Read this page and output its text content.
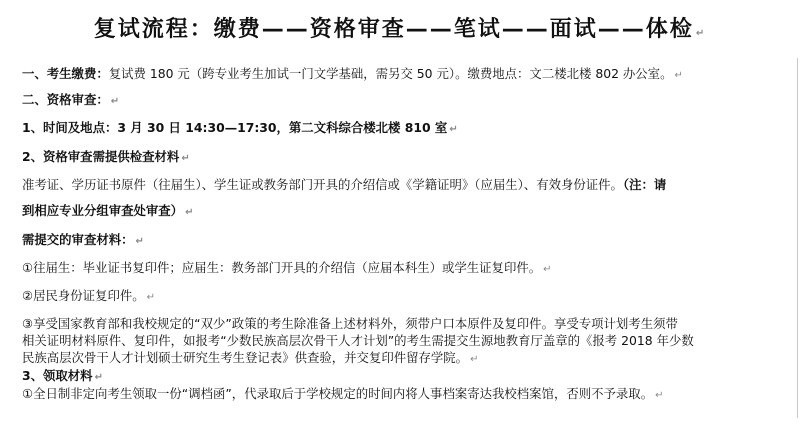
复试流程：缴费——资格审查——笔试——面试——体检 ↵
一、考生缴费：复试费 180 元（跨专业考生加试一门文学基础，需另交 50 元）。缴费地点：文二楼北楼 802 办公室。 ↵
二、资格审查： ↵
1、时间及地点：3 月 30 日 14:30—17:30，第二文科综合楼北楼 810 室 ↵
2、资格审查需提供检查材料 ↵
准考证、学历证书原件（往届生）、学生证或教务部门开具的介绍信或《学籍证明》（应届生）、有效身份证件。（注：请
到相应专业分组审查处审查） ↵
需提交的审查材料： ↵
①往届生：毕业证书复印件；应届生：教务部门开具的介绍信（应届本科生）或学生证复印件。 ↵
②居民身份证复印件。 ↵
③享受国家教育部和我校规定的“双少”政策的考生除准备上述材料外，须带户口本原件及复印件。享受专项计划考生须带
相关证明材料原件、复印件，如报考“少数民族高层次骨干人才计划”的考生需提交生源地教育厅盖章的《报考 2018 年少数
民族高层次骨干人才计划硕士研究生考生登记表》供查验，并交复印件留存学院。 ↵
3、领取材料 ↵
①全日制非定向考生领取一份“调档函”，代录取后于学校规定的时间内将人事档案寄达我校档案馆，否则不予录取。 ↵
